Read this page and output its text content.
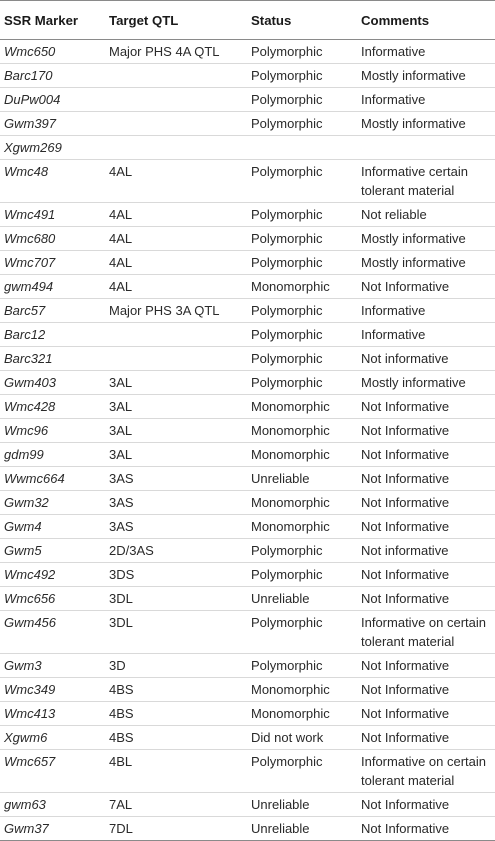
SSR Marker	Target QTL	Status	Comments
Wmc650	Major PHS 4A QTL	Polymorphic	Informative
Barc170		Polymorphic	Mostly informative
DuPw004		Polymorphic	Informative
Gwm397		Polymorphic	Mostly informative
Xgwm269			
Wmc48	4AL	Polymorphic	Informative certain tolerant material
Wmc491	4AL	Polymorphic	Not reliable
Wmc680	4AL	Polymorphic	Mostly informative
Wmc707	4AL	Polymorphic	Mostly informative
gwm494	4AL	Monomorphic	Not Informative
Barc57	Major PHS 3A QTL	Polymorphic	Informative
Barc12		Polymorphic	Informative
Barc321		Polymorphic	Not informative
Gwm403	3AL	Polymorphic	Mostly informative
Wmc428	3AL	Monomorphic	Not Informative
Wmc96	3AL	Monomorphic	Not Informative
gdm99	3AL	Monomorphic	Not Informative
Wwmc664	3AS	Unreliable	Not Informative
Gwm32	3AS	Monomorphic	Not Informative
Gwm4	3AS	Monomorphic	Not Informative
Gwm5	2D/3AS	Polymorphic	Not informative
Wmc492	3DS	Polymorphic	Not Informative
Wmc656	3DL	Unreliable	Not Informative
Gwm456	3DL	Polymorphic	Informative on certain tolerant material
Gwm3	3D	Polymorphic	Not Informative
Wmc349	4BS	Monomorphic	Not Informative
Wmc413	4BS	Monomorphic	Not Informative
Xgwm6	4BS	Did not work	Not Informative
Wmc657	4BL	Polymorphic	Informative on certain tolerant material
gwm63	7AL	Unreliable	Not Informative
Gwm37	7DL	Unreliable	Not Informative
